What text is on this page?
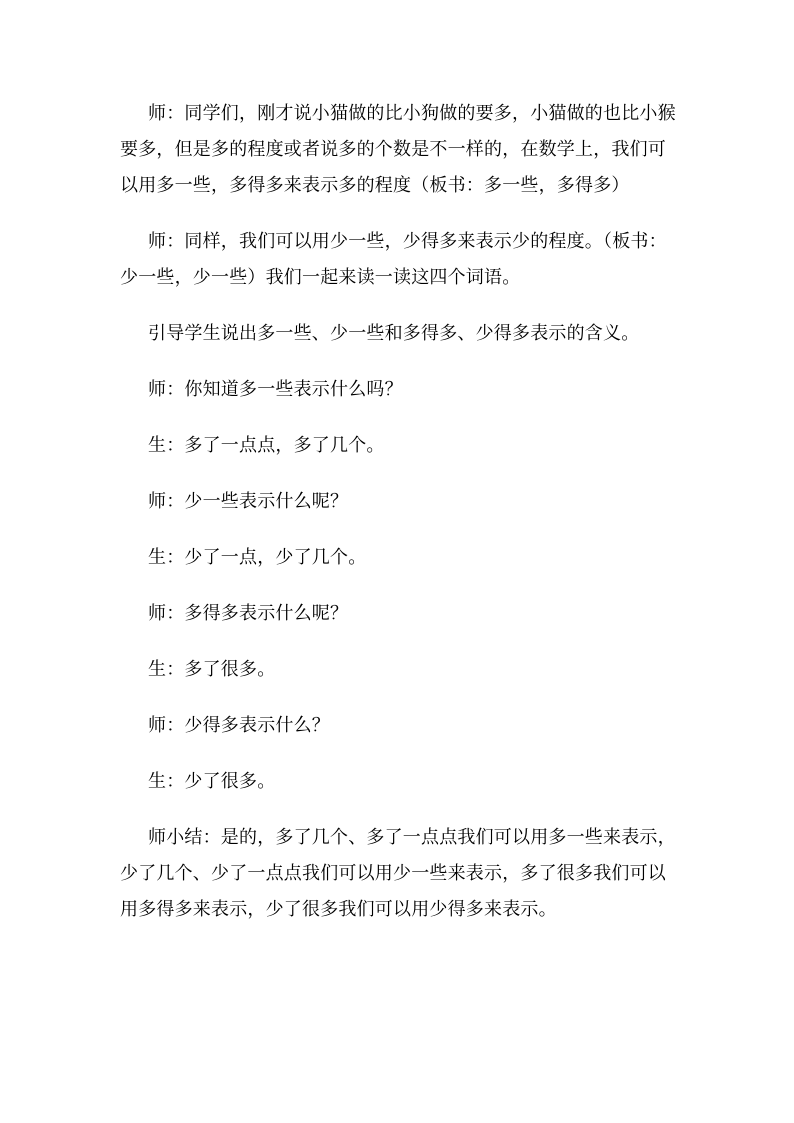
师：同学们，刚才说小猫做的比小狗做的要多，小猫做的也比小猴要多，但是多的程度或者说多的个数是不一样的，在数学上，我们可以用多一些，多得多来表示多的程度（板书：多一些，多得多）

师：同样，我们可以用少一些，少得多来表示少的程度。（板书：少一些，少一些）我们一起来读一读这四个词语。

引导学生说出多一些、少一些和多得多、少得多表示的含义。

师：你知道多一些表示什么吗？

生：多了一点点，多了几个。

师：少一些表示什么呢？

生：少了一点，少了几个。

师：多得多表示什么呢？

生：多了很多。

师：少得多表示什么？

生：少了很多。

师小结：是的，多了几个、多了一点点我们可以用多一些来表示，少了几个、少了一点点我们可以用少一些来表示，多了很多我们可以用多得多来表示，少了很多我们可以用少得多来表示。
